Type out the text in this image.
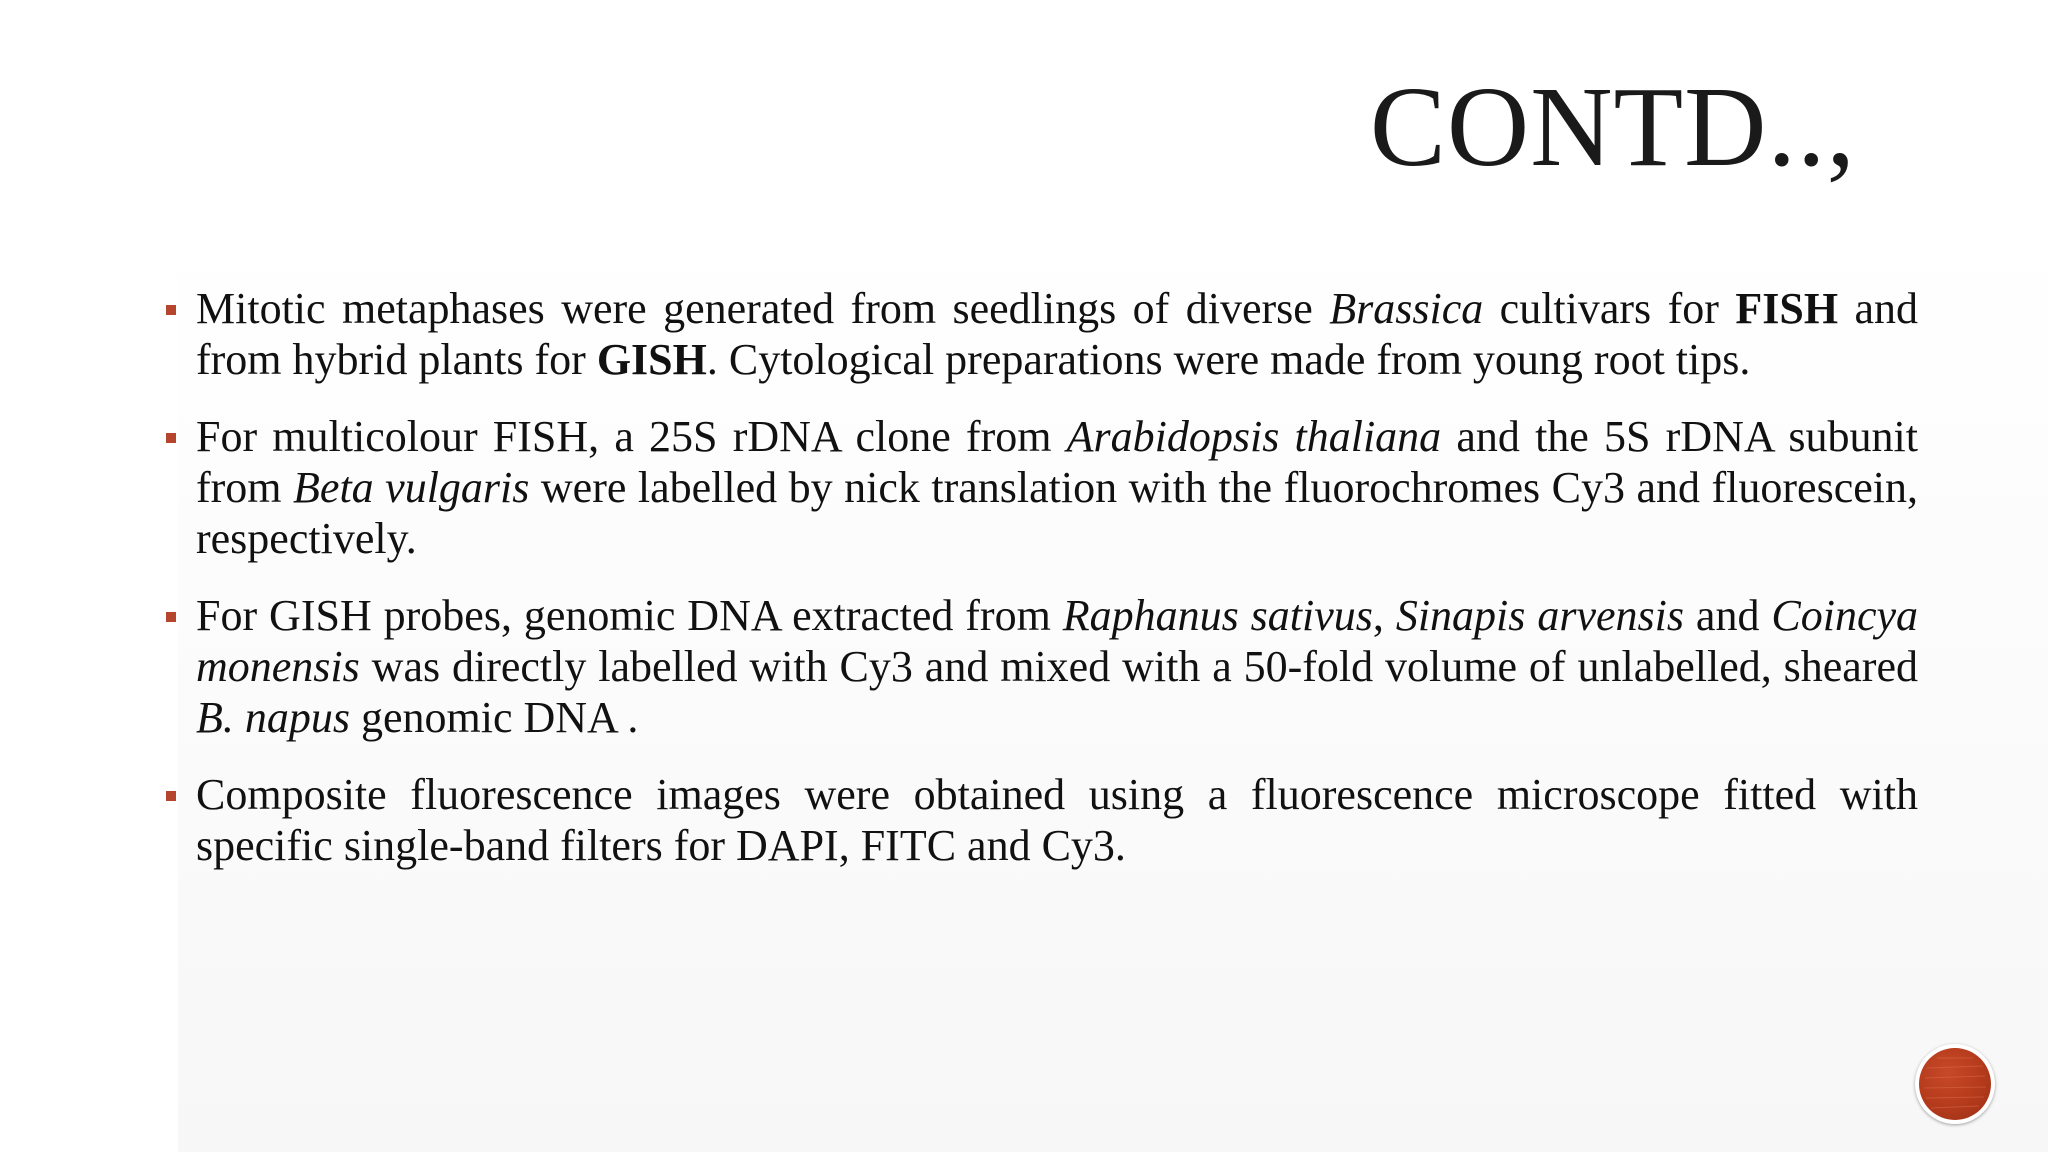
CONTD..,
Mitotic metaphases were generated from seedlings of diverse Brassica cultivars for FISH and from hybrid plants for GISH. Cytological preparations were made from young root tips.
For multicolour FISH, a 25S rDNA clone from Arabidopsis thaliana and the 5S rDNA subunit from Beta vulgaris were labelled by nick translation with the fluorochromes Cy3 and fluorescein, respectively.
For GISH probes, genomic DNA extracted from Raphanus sativus, Sinapis arvensis and Coincya monensis was directly labelled with Cy3 and mixed with a 50-fold volume of unlabelled, sheared B. napus genomic DNA .
Composite fluorescence images were obtained using a fluorescence microscope fitted with specific single-band filters for DAPI, FITC and Cy3.
